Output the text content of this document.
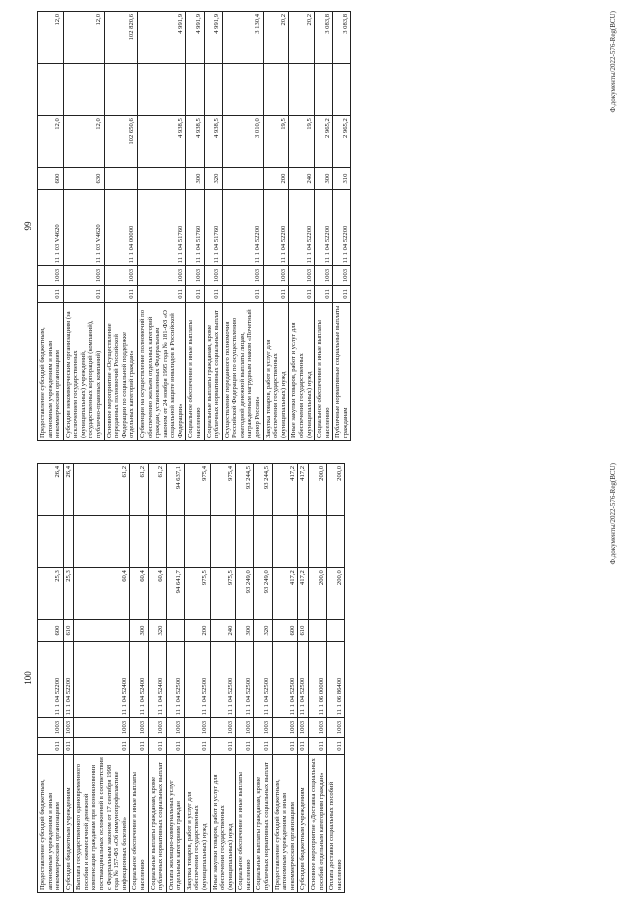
99
Предоставление субсидий бюджетным, автономным учреждениям и иным некоммерческим организациям	011	1003	11 1 03 V4620	600	12,0		12,0
Субсидии некоммерческим организациям (за исключением государственных (муниципальных) учреждений, государственных корпораций (компаний), публично-правовых компаний)	011	1003	11 1 03 V4620	630	12,0		12,0
Основное мероприятие «Осуществление переданных полномочий Российской Федерации по социальной поддержке отдельных категорий граждан»	011	1003	11 1 04 00000		102 650,6		102 820,6
Субвенции на осуществление полномочий по обеспечению жильем отдельных категорий граждан, установленных Федеральным законом от 24 ноября 1995 года № 181-ФЗ «О социальной защите инвалидов в Российской Федерации»	011	1003	11 1 04 51760		4 938,5		4 991,9
Социальное обеспечение и иные выплаты населению	011	1003	11 1 04 51760	300	4 938,5		4 991,9
Социальные выплаты гражданам, кроме публичных нормативных социальных выплат	011	1003	11 1 04 51760	320	4 938,5		4 991,9
Осуществление переданного полномочия Российской Федерации по осуществлению ежегодной денежной выплаты лицам, награжденным нагрудным знаком «Почетный донор России»	011	1003	11 1 04 52200		3 010,0		3 130,4
Закупка товаров, работ и услуг для обеспечения государственных (муниципальных) нужд	011	1003	11 1 04 52200	200	19,5		20,2
Иные закупки товаров, работ и услуг для обеспечения государственных (муниципальных) нужд	011	1003	11 1 04 52200	240	19,5		20,2
Социальное обеспечение и иные выплаты населению	011	1003	11 1 04 52200	300	2 965,2		3 083,8
Публичные нормативные социальные выплаты гражданам	011	1003	11 1 04 52200	310	2 965,2		3 083,8	Ф.документы/2022-576-Reg(BCU)
100
Предоставление субсидий бюджетным, автономным учреждениям и иным некоммерческим организациям	011	1003	11 1 04 52200	600	25,3		26,4
Субсидии бюджетным учреждениям	011	1003	11 1 04 52200	610	25,3		26,4
Выплата государственного единовременного пособия и ежемесячной денежной компенсации гражданам при возникновении поствакцинальных осложнений в соответствии с Федеральным законом от 17 сентября 1998 года № 157-ФЗ «Об иммунопрофилактике инфекционных болезней»	011	1003	11 1 04 52400		60,4		61,2
Социальное обеспечение и иные выплаты населению	011	1003	11 1 04 52400	300	60,4		61,2
Социальные выплаты гражданам, кроме публичных нормативных социальных выплат	011	1003	11 1 04 52400	320	60,4		61,2
Оплата жилищно-коммунальных услуг отдельным категориям граждан	011	1003	11 1 04 52500		94 641,7		94 637,1
Закупка товаров, работ и услуг для обеспечения государственных (муниципальных) нужд	011	1003	11 1 04 52500	200	975,5		975,4
Иные закупки товаров, работ и услуг для обеспечения государственных (муниципальных) нужд	011	1003	11 1 04 52500	240	975,5		975,4
Социальное обеспечение и иные выплаты населению	011	1003	11 1 04 52500	300	93 249,0		93 244,5
Социальные выплаты гражданам, кроме публичных нормативных социальных выплат	011	1003	11 1 04 52500	320	93 249,0		93 244,5
Предоставление субсидий бюджетным, автономным учреждениям и иным некоммерческим организациям	011	1003	11 1 04 52500	600	417,2		417,2
Субсидии бюджетным учреждениям	011	1003	11 1 04 52500	610	417,2		417,2
Основное мероприятие «Доставка социальных пособий отдельным категориям граждан»	011	1003	11 1 06 00000		200,0		200,0
Оплата доставки социальных пособий населению	011	1003	11 1 06 86400		200,0		200,0	Ф.документы/2022-576-Reg(BCU)
